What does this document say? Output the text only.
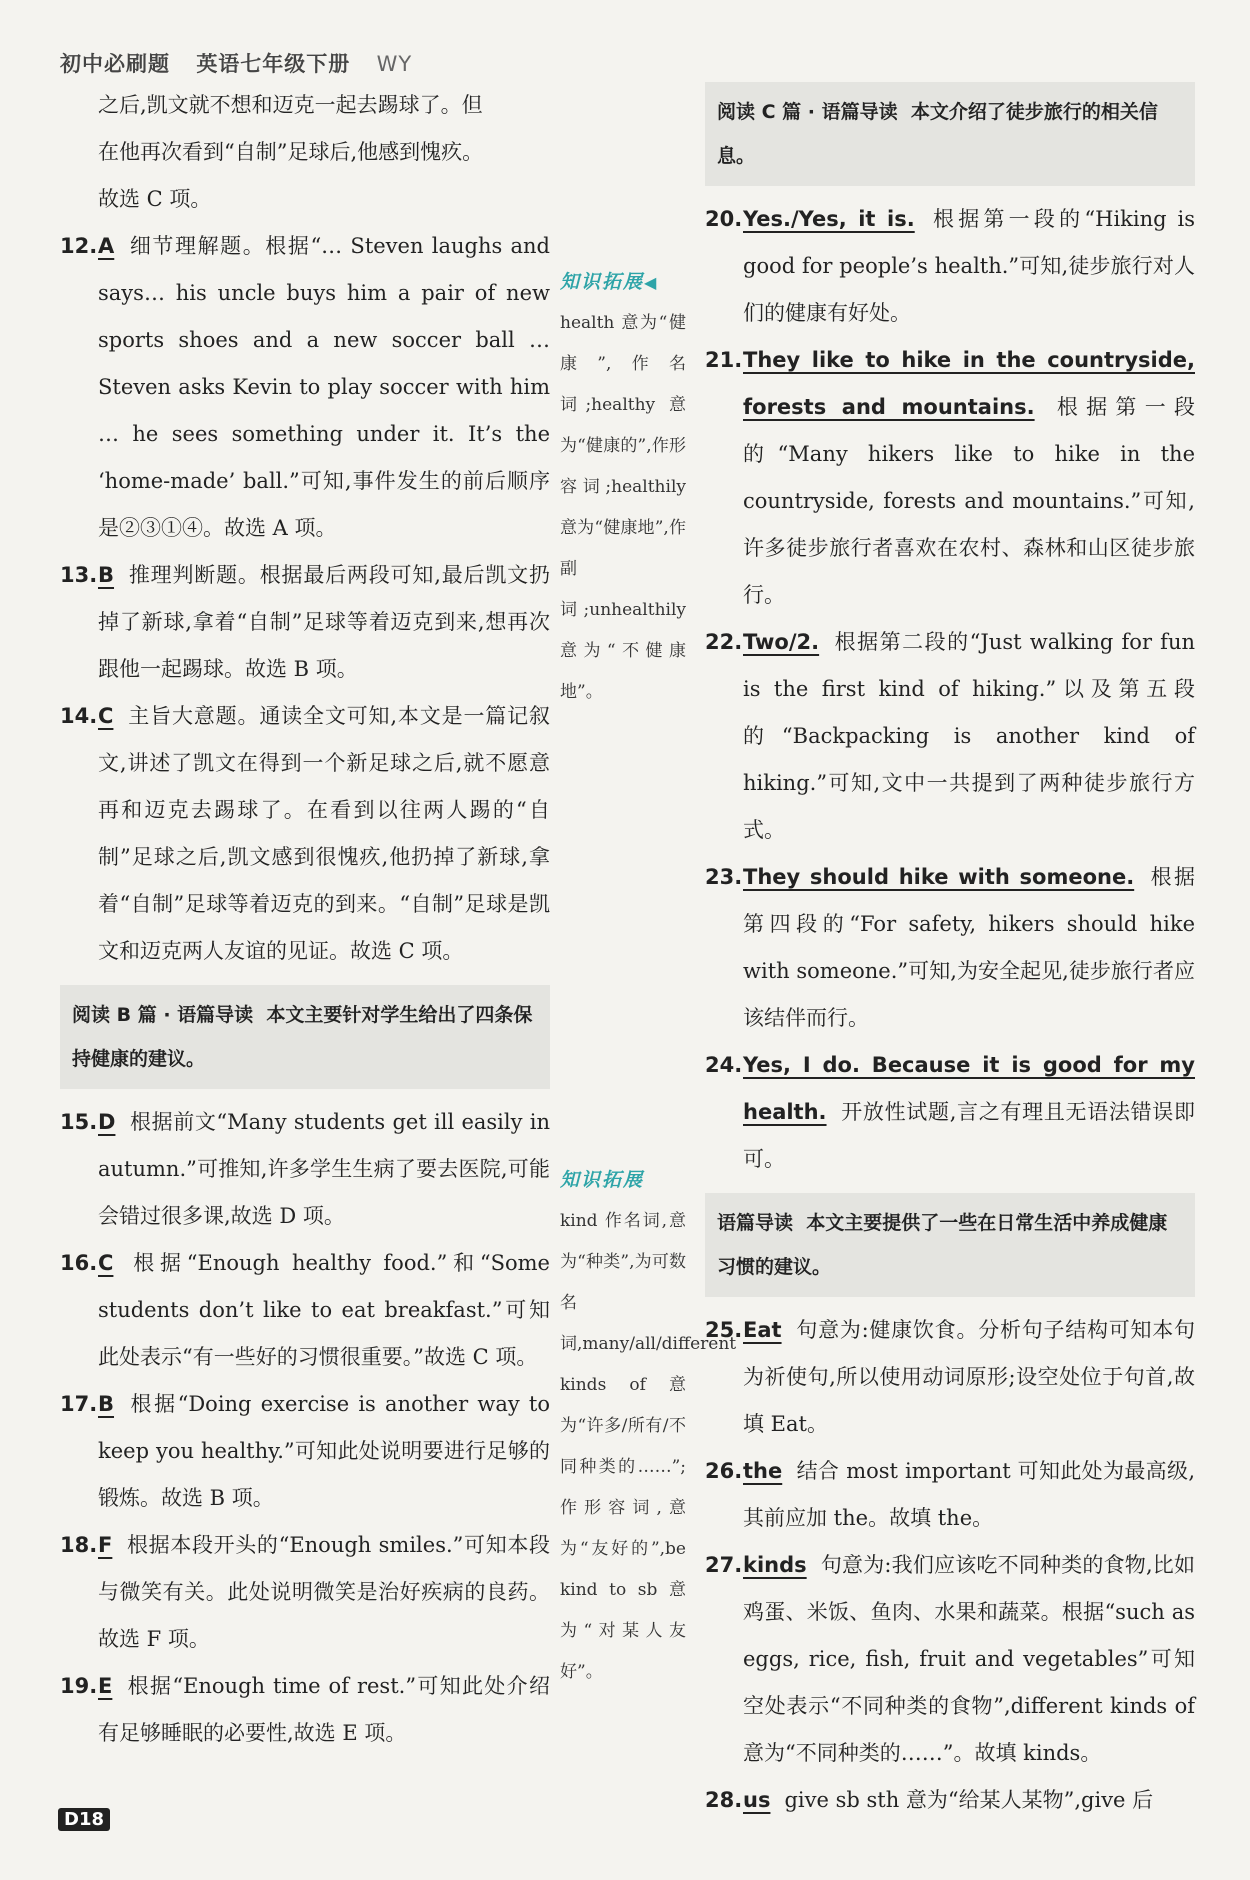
初中必刷题 英语七年级下册 WY

之后,凯文就不想和迈克一起去踢球了。但

在他再次看到“自制”足球后,他感到愧疚。

故选 C 项。

12. A 细节理解题。根据“… Steven laughs and says… his uncle buys him a pair of new sports shoes and a new soccer ball … Steven asks Kevin to play soccer with him … he sees something under it. It’s the ‘home-made’ ball.”可知,事件发生的前后顺序是②③①④。故选 A 项。
13. B 推理判断题。根据最后两段可知,最后凯文扔掉了新球,拿着“自制”足球等着迈克到来,想再次跟他一起踢球。故选 B 项。
14. C 主旨大意题。通读全文可知,本文是一篇记叙文,讲述了凯文在得到一个新足球之后,就不愿意再和迈克去踢球了。在看到以往两人踢的“自制”足球之后,凯文感到很愧疚,他扔掉了新球,拿着“自制”足球等着迈克的到来。“自制”足球是凯文和迈克两人友谊的见证。故选 C 项。
阅读 B 篇 · 语篇导读 本文主要针对学生给出了四条保持健康的建议。
15. D 根据前文“Many students get ill easily in autumn.”可推知,许多学生生病了要去医院,可能会错过很多课,故选 D 项。
16. C 根据“Enough healthy food.”和“Some students don’t like to eat breakfast.”可知此处表示“有一些好的习惯很重要。”故选 C 项。
17. B 根据“Doing exercise is another way to keep you healthy.”可知此处说明要进行足够的锻炼。故选 B 项。
18. F 根据本段开头的“Enough smiles.”可知本段与微笑有关。此处说明微笑是治好疾病的良药。故选 F 项。
19. E 根据“Enough time of rest.”可知此处介绍有足够睡眠的必要性,故选 E 项。
知识拓展◀
health 意为“健康”,作名词;healthy 意为“健康的”,作形容词;healthily 意为“健康地”,作副词;unhealthily 意为“不健康地”。
知识拓展
kind 作名词,意为“种类”,为可数名词,many/all/different kinds of 意为“许多/所有/不同种类的……”;作形容词,意为“友好的”,be kind to sb 意为“对某人友好”。
阅读 C 篇 · 语篇导读 本文介绍了徒步旅行的相关信息。
20. Yes./Yes, it is. 根据第一段的“Hiking is good for people’s health.”可知,徒步旅行对人们的健康有好处。
21. They like to hike in the countryside, forests and mountains. 根据第一段的“Many hikers like to hike in the countryside, forests and mountains.”可知,许多徒步旅行者喜欢在农村、森林和山区徒步旅行。
22. Two/2. 根据第二段的“Just walking for fun is the first kind of hiking.”以及第五段的“Backpacking is another kind of hiking.”可知,文中一共提到了两种徒步旅行方式。
23. They should hike with someone. 根据第四段的“For safety, hikers should hike with someone.”可知,为安全起见,徒步旅行者应该结伴而行。
24. Yes, I do. Because it is good for my health. 开放性试题,言之有理且无语法错误即可。
语篇导读 本文主要提供了一些在日常生活中养成健康习惯的建议。
25. Eat 句意为:健康饮食。分析句子结构可知本句为祈使句,所以使用动词原形;设空处位于句首,故填 Eat。
26. the 结合 most important 可知此处为最高级,其前应加 the。故填 the。
27. kinds 句意为:我们应该吃不同种类的食物,比如鸡蛋、米饭、鱼肉、水果和蔬菜。根据“such as eggs, rice, fish, fruit and vegetables”可知空处表示“不同种类的食物”,different kinds of 意为“不同种类的……”。故填 kinds。
28. us give sb sth 意为“给某人某物”,give 后
D18
